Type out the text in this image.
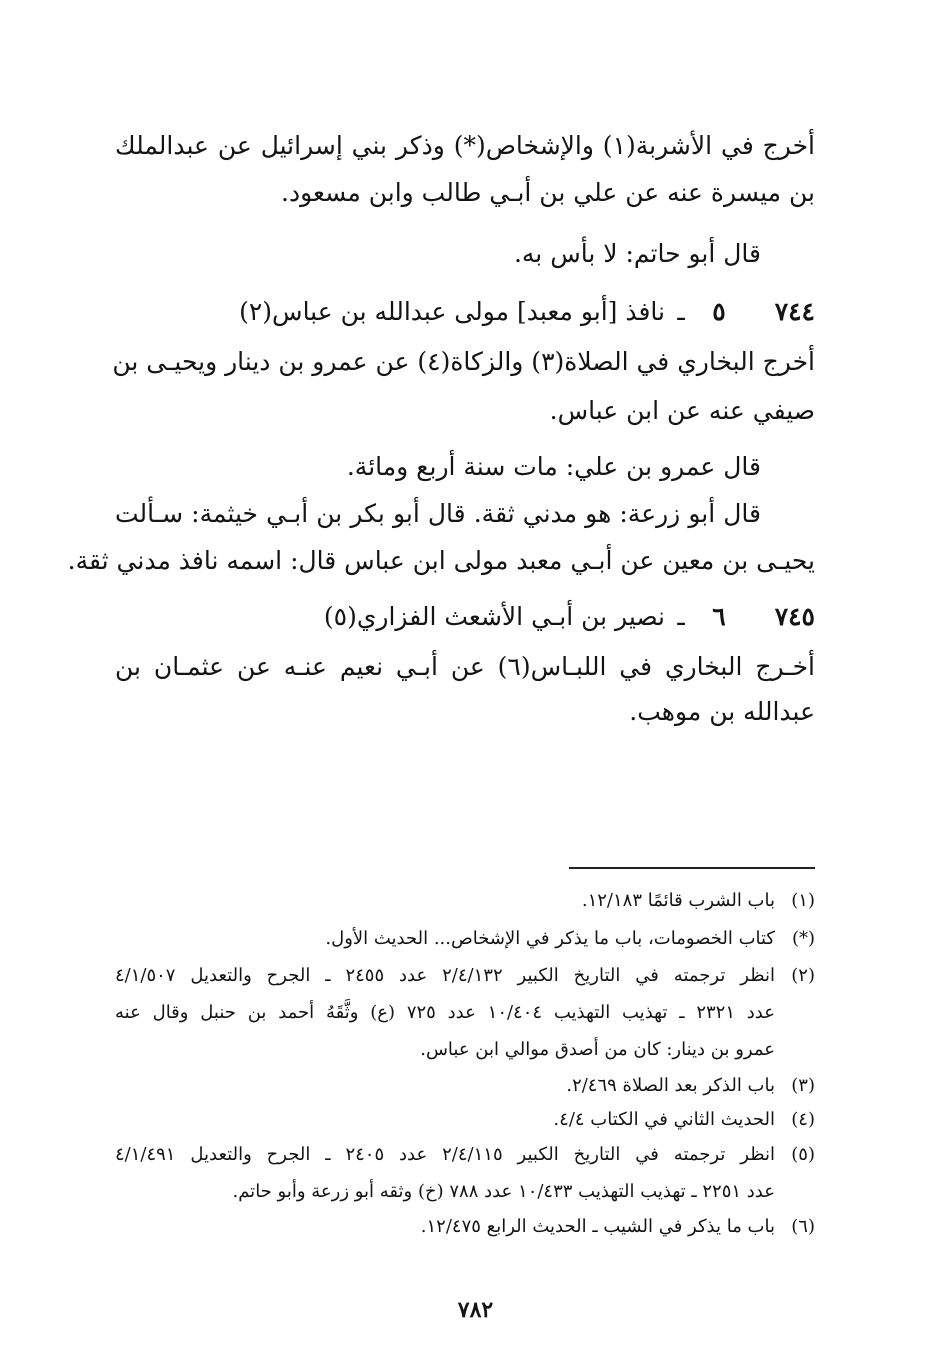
أخرج في الأشربة(١) والإشخاص(*) وذكر بني إسرائيل عن عبدالملك
بن ميسرة عنه عن علي بن أبـي طالب وابن مسعود.
قال أبو حاتم: لا بأس به.
٧٤٤
٥
ـ
نافذ [أبو معبد] مولى عبدالله بن عباس(٢)
أخرج البخاري في الصلاة(٣) والزكاة(٤) عن عمرو بن دينار ويحيـى بن
صيفي عنه عن ابن عباس.
قال عمرو بن علي: مات سنة أربع ومائة.
قال أبو زرعة: هو مدني ثقة. قال أبو بكر بن أبـي خيثمة: سـألت
يحيـى بن معين عن أبـي معبد مولى ابن عباس قال: اسمه نافذ مدني ثقة.
٧٤٥
٦
ـ
نصير بن أبـي الأشعث الفزاري(٥)
أخـرج البخاري في اللبـاس(٦) عن أبـي نعيم عنـه عن عثمـان بن
عبدالله بن موهب.
(١)
باب الشرب قائمًا ١٢/١٨٣.
(*)
كتاب الخصومات، باب ما يذكر في الإشخاص... الحديث الأول.
(٢)
انظر ترجمته في التاريخ الكبير ٢/٤/١٣٢ عدد ٢٤٥٥ ـ الجرح والتعديل ٤/١/٥٠٧
عدد ٢٣٢١ ـ تهذيب التهذيب ١٠/٤٠٤ عدد ٧٢٥ (ع) وثَّقَهُ أحمد بن حنبل وقال عنه
عمرو بن دينار: كان من أصدق موالي ابن عباس.
(٣)
باب الذكر بعد الصلاة ٢/٤٦٩.
(٤)
الحديث الثاني في الكتاب ٤/٤.
(٥)
انظر ترجمته في التاريخ الكبير ٢/٤/١١٥ عدد ٢٤٠٥ ـ الجرح والتعديل ٤/١/٤٩١
عدد ٢٢٥١ ـ تهذيب التهذيب ١٠/٤٣٣ عدد ٧٨٨ (خ) وثقه أبو زرعة وأبو حاتم.
(٦)
باب ما يذكر في الشيب ـ الحديث الرابع ١٢/٤٧٥.
٧٨٢
